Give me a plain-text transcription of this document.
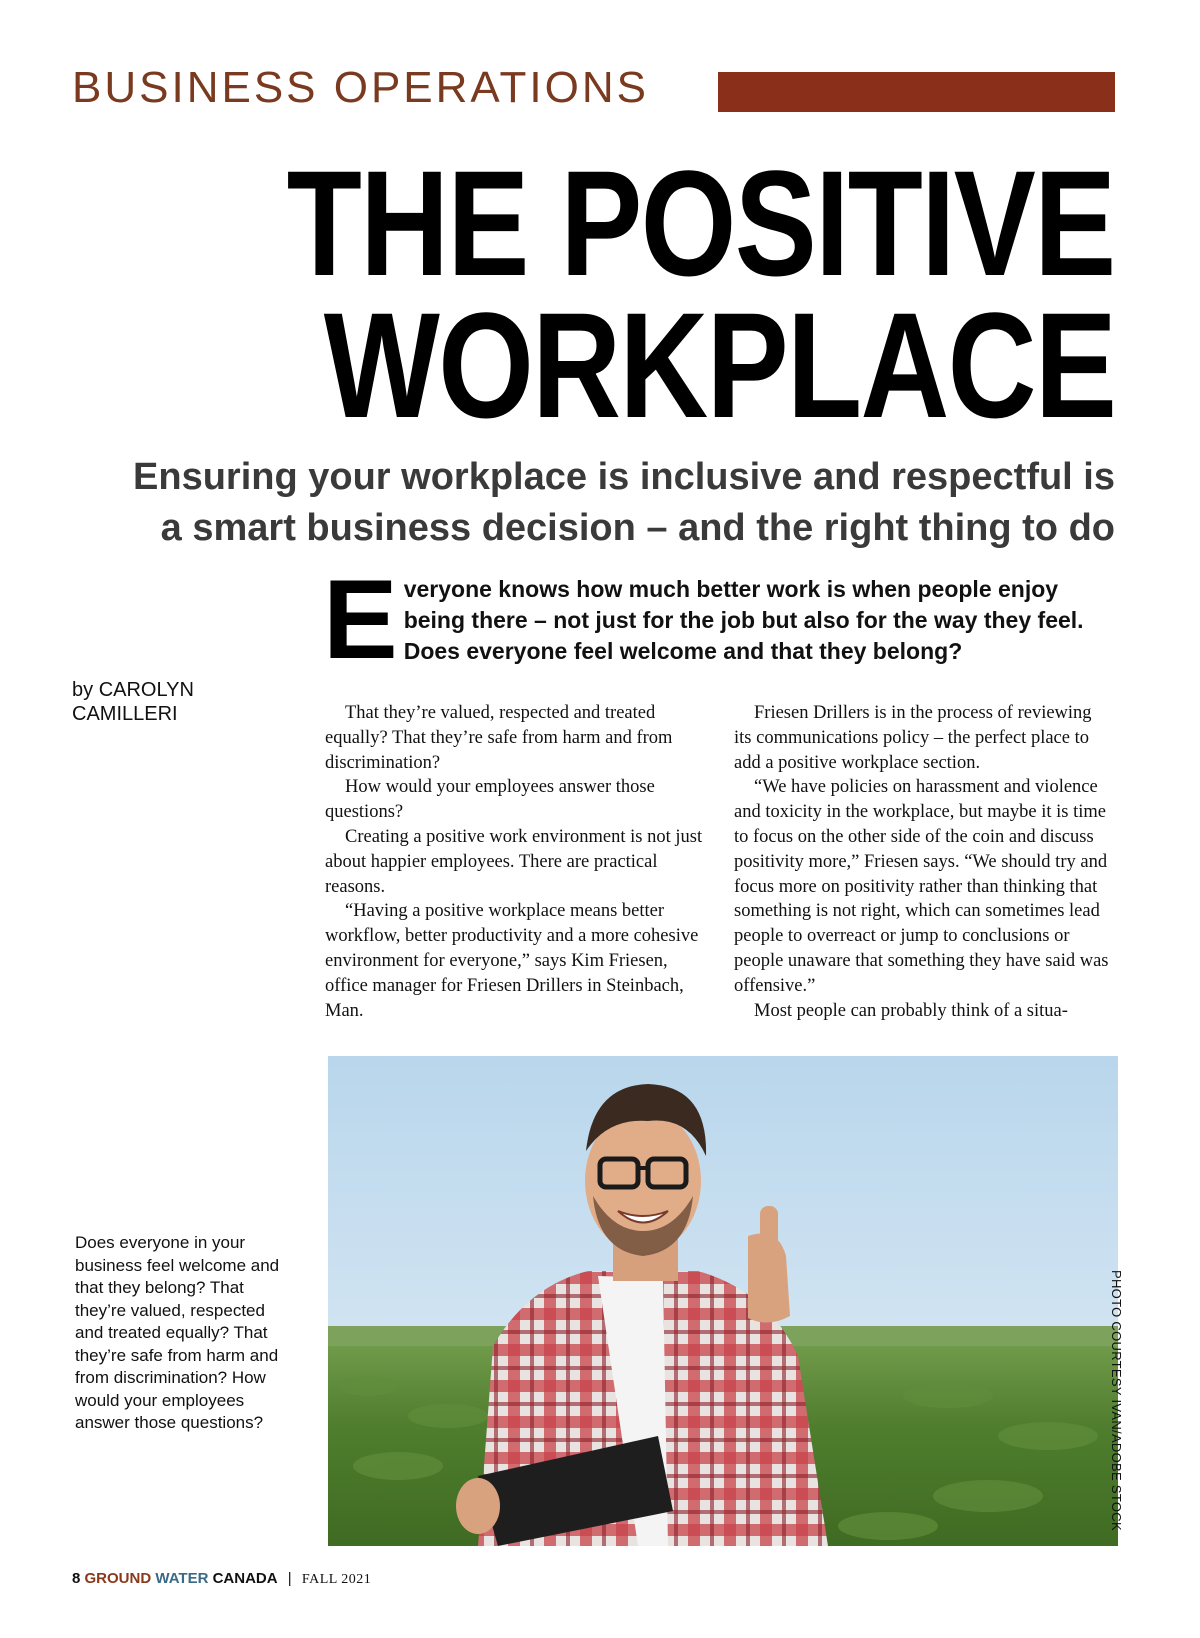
BUSINESS OPERATIONS
THE POSITIVE
WORKPLACE
Ensuring your workplace is inclusive and respectful is
a smart business decision – and the right thing to do
Everyone knows how much better work is when people enjoy being there – not just for the job but also for the way they feel. Does everyone feel welcome and that they belong?
by CAROLYN CAMILLERI	That they’re valued, respected and treated equally? That they’re safe from harm and from discrimination?

How would your employees answer those questions?

Creating a positive work environment is not just about happier employees. There are practical reasons.

“Having a positive workplace means better workflow, better productivity and a more cohesive environment for everyone,” says Kim Friesen, office manager for Friesen Drillers in Steinbach, Man.

Friesen Drillers is in the process of reviewing its communications policy – the perfect place to add a positive workplace section.

“We have policies on harassment and violence and toxicity in the workplace, but maybe it is time to focus on the other side of the coin and discuss positivity more,” Friesen says. “We should try and focus more on positivity rather than thinking that something is not right, which can sometimes lead people to overreact or jump to conclusions or people unaware that something they have said was offensive.”

Most people can probably think of a situa-

PHOTO COURTESY IVAN/ADOBE STOCK
Does everyone in your business feel welcome and that they belong? That they’re valued, respected and treated equally? That they’re safe from harm and from discrimination? How would your employees answer those questions?
8 GROUND WATER CANADA | FALL 2021
